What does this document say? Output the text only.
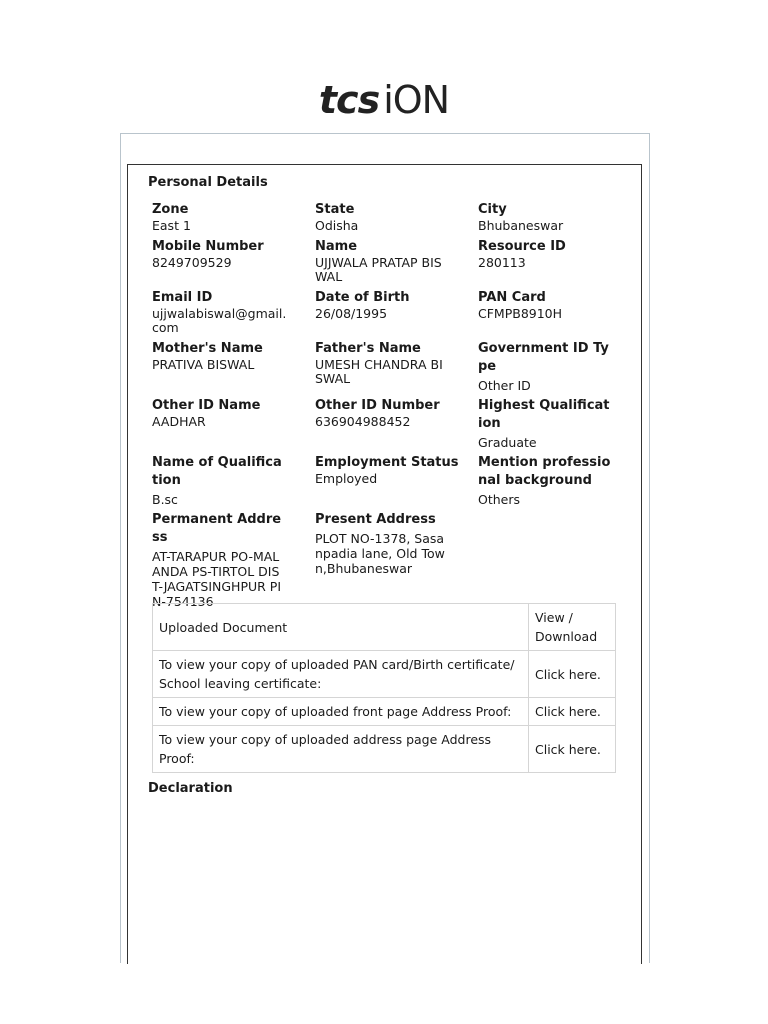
tcs iON
Personal Details
Zone
East 1
State
Odisha
City
Bhubaneswar
Mobile Number
8249709529
Name
UJJWALA PRATAP BISWAL
Resource ID
280113
Email ID
ujjwalabiswal@gmail.com
Date of Birth
26/08/1995
PAN Card
CFMPB8910H
Mother's Name
PRATIVA BISWAL
Father's Name
UMESH CHANDRA BISWAL
Government ID Type
Other ID
Other ID Name
AADHAR
Other ID Number
636904988452
Highest Qualification
Graduate
Name of Qualification
B.sc
Employment Status
Employed
Mention professional background
Others
Permanent Address
AT-TARAPUR PO-MALANDA PS-TIRTOL DIST-JAGATSINGHPUR PIN-754136
Present Address
PLOT NO-1378, Sasanpadia lane, Old Town,Bhubaneswar
Uploaded Document	View / Download
To view your copy of uploaded PAN card/Birth certificate/ School leaving certificate:	Click here.
To view your copy of uploaded front page Address Proof:	Click here.
To view your copy of uploaded address page Address Proof:	Click here.
Declaration
